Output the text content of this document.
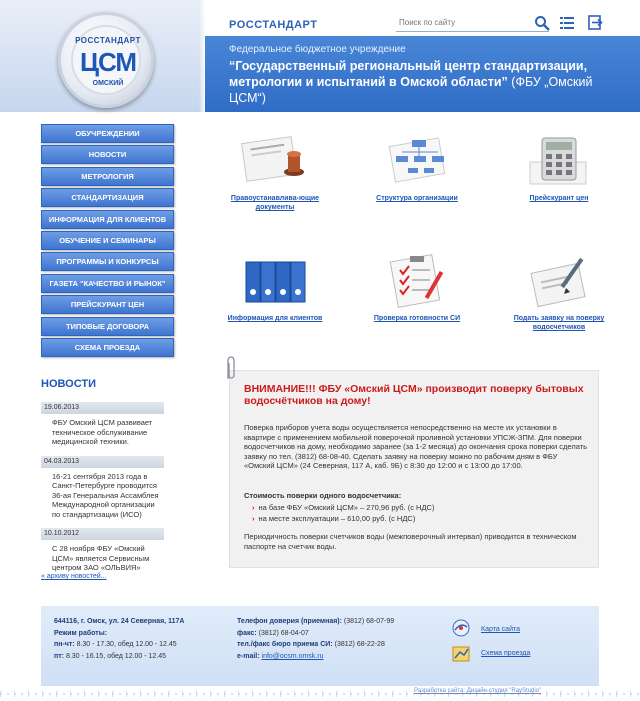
РОССТАНДАРТ
ЦСМ
ОМСКИЙ
РОССТАНДАРТ
Поиск по сайту
Федеральное бюджетное учреждение
“Государственный региональный центр стандартизации, метрологии и испытаний в Омской области” (ФБУ „Омский ЦСМ“)
ОБУЧРЕЖДЕНИИ
НОВОСТИ
МЕТРОЛОГИЯ
СТАНДАРТИЗАЦИЯ
ИНФОРМАЦИЯ ДЛЯ КЛИЕНТОВ
ОБУЧЕНИЕ И СЕМИНАРЫ
ПРОГРАММЫ И КОНКУРСЫ
ГАЗЕТА "КАЧЕСТВО И РЫНОК"
ПРЕЙСКУРАНТ ЦЕН
ТИПОВЫЕ ДОГОВОРА
СХЕМА ПРОЕЗДА
НОВОСТИ
19.06.2013
ФБУ Омский ЦСМ развивает техническое обслуживание медицинской техники.
04.03.2013
16-21 сентября 2013 года в Санкт-Петербурге проводится 36-ая Генеральная Ассамблея Международной организации по стандартизации (ИСО)
10.10.2012
С 28 ноября ФБУ «Омский ЦСМ» является Сервисным центром ЗАО «ОЛЬВИЯ»
« архиву новостей...
Правоустанавлива-ющие документы
Структура организации	Прейскурант цен
Информация для клиентов	Проверка готовности СИ	Подать заявку на поверку водосчетчиков
ВНИМАНИЕ!!! ФБУ «Омский ЦСМ» производит поверку бытовых водосчётчиков на дому!
Поверка приборов учета воды осуществляется непосредственно на месте их установки в квартире с применением мобильной поверочной проливной установки УПСЖ-ЗПМ. Для поверки водосчетчиков на дому, необходимо заранее (за 1-2 месяца) до окончания срока поверки сделать заявку по тел. (3812) 68-08-40. Сделать заявку на поверку можно по рабочим дням в ФБУ «Омский ЦСМ» (24 Северная, 117 А, каб. 9Б) с 8:30 до 12:00 и с 13:00 до 17:00.
Стоимость поверки одного водосчетчика:
› на базе ФБУ «Омский ЦСМ» – 270,96 руб. (с НДС)
› на месте эксплуатации – 610,00 руб. (с НДС)
Периодичность поверки счетчиков воды (межповерочный интервал) приводится в техническом паспорте на счетчик воды.
644116, г. Омск, ул. 24 Северная, 117А
Режим работы:
пн-чт: 8.30 - 17.30, обед 12.00 - 12.45
пт: 8.30 - 16.15, обед 12.00 - 12.45
Телефон доверия (приемная): (3812) 68-07-99
факс: (3812) 68-04-07
тел./факс бюро приема СИ: (3812) 68-22-28
e-mail: info@ocsm.omsk.ru
Карта сайта
Схема проезда
Разработка сайта: Дизайн-студия "RayStudio"
